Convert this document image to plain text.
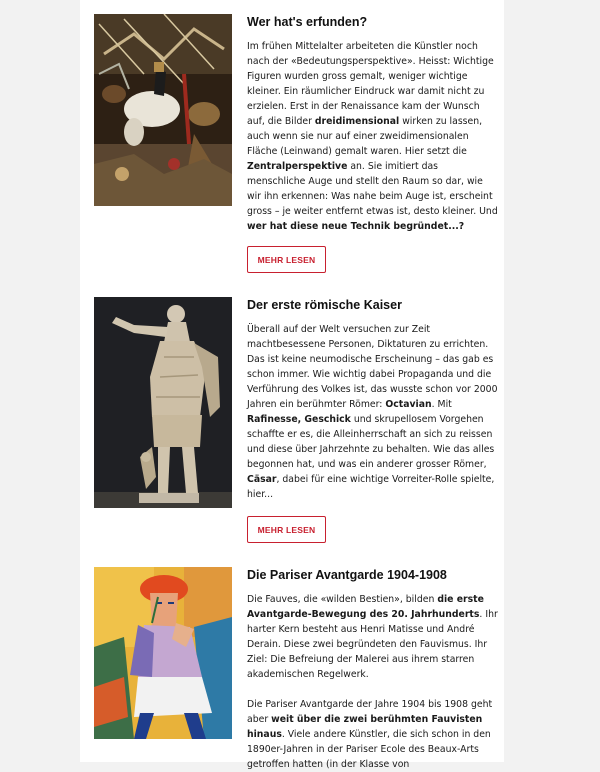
Wer hat's erfunden?

Im frühen Mittelalter arbeiteten die Künstler noch nach der «Bedeutungsperspektive». Heisst: Wichtige Figuren wurden gross gemalt, weniger wichtige kleiner. Ein räumlicher Eindruck war damit nicht zu erzielen. Erst in der Renaissance kam der Wunsch auf, die Bilder dreidimensional wirken zu lassen, auch wenn sie nur auf einer zweidimensionalen Fläche (Leinwand) gemalt waren. Hier setzt die Zentralperspektive an. Sie imitiert das menschliche Auge und stellt den Raum so dar, wie wir ihn erkennen: Was nahe beim Auge ist, erscheint gross – je weiter entfernt etwas ist, desto kleiner. Und wer hat diese neue Technik begründet...?

MEHR LESEN
Der erste römische Kaiser

Überall auf der Welt versuchen zur Zeit machtbesessene Personen, Diktaturen zu errichten. Das ist keine neumodische Erscheinung – das gab es schon immer. Wie wichtig dabei Propaganda und die Verführung des Volkes ist, das wusste schon vor 2000 Jahren ein berühmter Römer: Octavian. Mit Rafinesse, Geschick und skrupellosem Vorgehen schaffte er es, die Alleinherrschaft an sich zu reissen und diese über Jahrzehnte zu behalten. Wie das alles begonnen hat, und was ein anderer grosser Römer, Cäsar, dabei für eine wichtige Vorreiter-Rolle spielte, hier...

MEHR LESEN
Die Pariser Avantgarde 1904-1908

Die Fauves, die «wilden Bestien», bilden die erste Avantgarde-Bewegung des 20. Jahrhunderts. Ihr harter Kern besteht aus Henri Matisse und André Derain. Diese zwei begründeten den Fauvismus. Ihr Ziel: Die Befreiung der Malerei aus ihrem starren akademischen Regelwerk.

Die Pariser Avantgarde der Jahre 1904 bis 1908 geht aber weit über die zwei berühmten Fauvisten hinaus. Viele andere Künstler, die sich schon in den 1890er-Jahren in der Pariser Ecole des Beaux-Arts getroffen hatten (in der Klasse von
